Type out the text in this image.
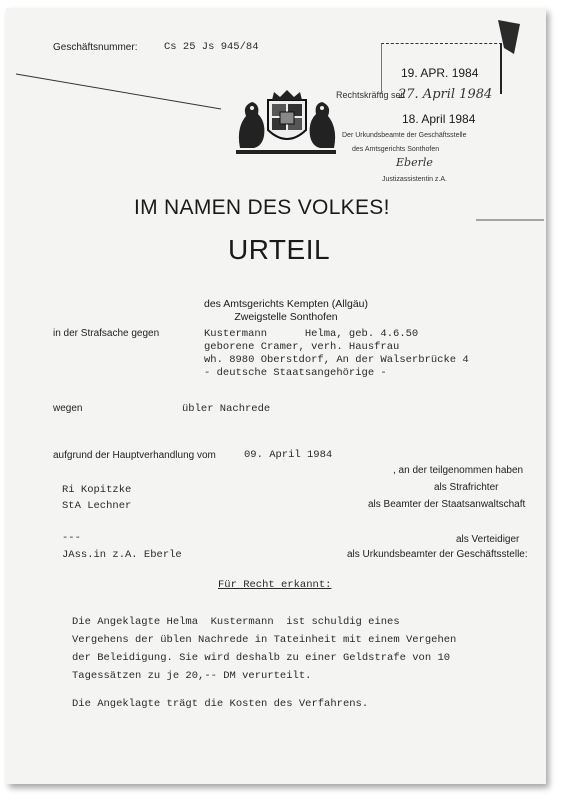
Geschäftsnummer:	Cs 25 Js 945/84
19. APR. 1984
Rechtskräftig seit
27. April 1984
18. April 1984
Der Urkundsbeamte der Geschäftsstelle
des Amtsgerichts Sonthofen
Eberle
Justizassistentin z.A.
IM NAMEN DES VOLKES!
URTEIL
des Amtsgerichts Kempten (Allgäu)
Zweigstelle Sonthofen
in der Strafsache gegen	Kustermann      Helma, geb. 4.6.50
geborene Cramer, verh. Hausfrau
wh. 8980 Oberstdorf, An der Walserbrücke 4
- deutsche Staatsangehörige -
wegen	übler Nachrede
aufgrund der Hauptverhandlung vom	09. April 1984
, an der teilgenommen haben
Ri Kopitzke	als Strafrichter
StA Lechner	als Beamter der Staatsanwaltschaft
---	als Verteidiger
JAss.in z.A. Eberle	als Urkundsbeamter der Geschäftsstelle:
Für Recht erkannt:
Die Angeklagte Helma  Kustermann  ist schuldig eines
Vergehens der üblen Nachrede in Tateinheit mit einem Vergehen
der Beleidigung. Sie wird deshalb zu einer Geldstrafe von 10
Tagessätzen zu je 20,-- DM verurteilt.
Die Angeklagte trägt die Kosten des Verfahrens.
